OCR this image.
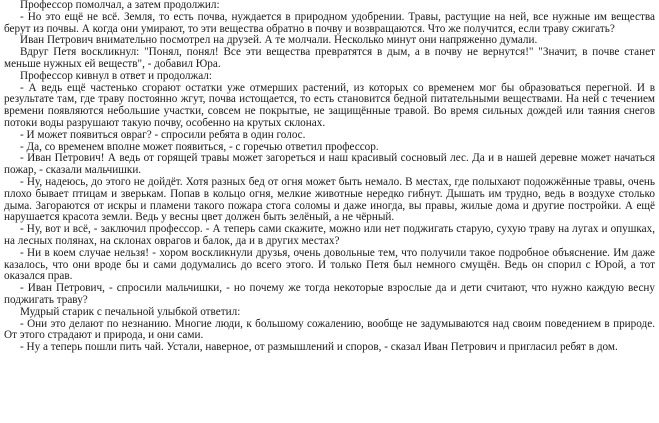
Профессор помолчал, а затем продолжил:

- Но это ещё не всё. Земля, то есть почва, нуждается в природном удобрении. Травы, растущие на ней, все нужные им вещества берут из почвы. А когда они умирают, то эти вещества обратно в почву и возвращаются. Что же получится, если траву сжигать?

Иван Петрович внимательно посмотрел на друзей. А те молчали. Несколько минут они напряженно думали.

Вдруг Петя воскликнул: "Понял, понял! Все эти вещества превратятся в дым, а в почву не вернутся!" "Значит, в почве станет меньше нужных ей веществ", - добавил Юра.

Профессор кивнул в ответ и продолжал:

- А ведь ещё частенько сгорают остатки уже отмерших растений, из которых со временем мог бы образоваться перегной. И в результате там, где траву постоянно жгут, почва истощается, то есть становится бедной питательными веществами. На ней с течением времени появляются небольшие участки, совсем не покрытые, не защищённые травой. Во время сильных дождей или таяния снегов потоки воды разрушают такую почву, особенно на крутых склонах.

- И может появиться овраг? - спросили ребята в один голос.

- Да, со временем вполне может появиться, - с горечью ответил профессор.

- Иван Петрович! А ведь от горящей травы может загореться и наш красивый сосновый лес. Да и в нашей деревне может начаться пожар, - сказали мальчишки.

- Ну, надеюсь, до этого не дойдёт. Хотя разных бед от огня может быть немало. В местах, где полыхают подожжённые травы, очень плохо бывает птицам и зверькам. Попав в кольцо огня, мелкие животные нередко гибнут. Дышать им трудно, ведь в воздухе столько дыма. Загораются от искры и пламени такого пожара стога соломы и даже иногда, вы правы, жилые дома и другие постройки. А ещё нарушается красота земли. Ведь у весны цвет должен быть зелёный, а не чёрный.

- Ну, вот и всё, - заключил профессор. - А теперь сами скажите, можно или нет поджигать старую, сухую траву на лугах и опушках, на лесных полянах, на склонах оврагов и балок, да и в других местах?

- Ни в коем случае нельзя! - хором воскликнули друзья, очень довольные тем, что получили такое подробное объяснение. Им даже казалось, что они вроде бы и сами додумались до всего этого. И только Петя был немного смущён. Ведь он спорил с Юрой, а тот оказался прав.

- Иван Петрович, - спросили мальчишки, - но почему же тогда некоторые взрослые да и дети считают, что нужно каждую весну поджигать траву?

Мудрый старик с печальной улыбкой ответил:

- Они это делают по незнанию. Многие люди, к большому сожалению, вообще не задумываются над своим поведением в природе. От этого страдают и природа, и они сами.

- Ну а теперь пошли пить чай. Устали, наверное, от размышлений и споров, - сказал Иван Петрович и пригласил ребят в дом.
